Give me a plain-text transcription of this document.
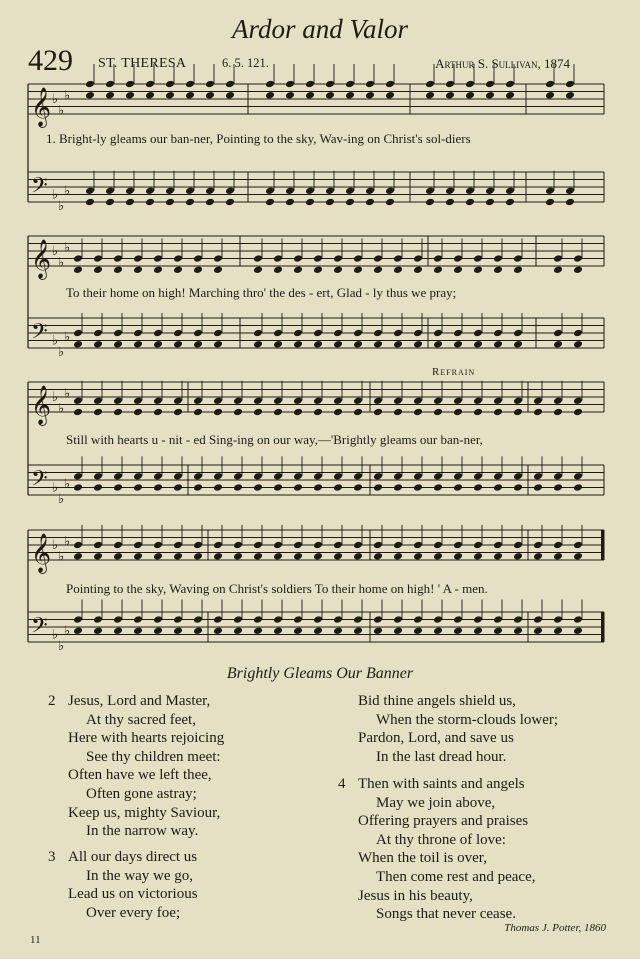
Ardor and Valor
429 ST. THERESA	6. 5. 121.	Arthur S. Sullivan, 1874
𝄞 ♭
♭
♭
𝄢 ♭
♭
♭
𝄞 ♭
♭
♭
𝄢 ♭
♭
♭
𝄞 ♭
♭
♭
𝄢 ♭
♭
♭
𝄞 ♭
♭
♭
𝄢 ♭
♭
♭
1. Bright-ly gleams our ban-ner, Pointing to the sky, Wav-ing on Christ's sol-diers
To their home on high! Marching thro' the des - ert, Glad - ly thus we pray;
Still with hearts u - nit - ed Sing-ing on our way,—'Brightly gleams our ban-ner,
Refrain
Pointing to the sky, Waving on Christ's soldiers To their home on high! ' A - men.
Brightly Gleams Our Banner
2 Jesus, Lord and Master,
At thy sacred feet,
Here with hearts rejoicing
See thy children meet:
Often have we left thee,
Often gone astray;
Keep us, mighty Saviour,
In the narrow way.
3 All our days direct us
In the way we go,
Lead us on victorious
Over every foe;
Bid thine angels shield us,
When the storm-clouds lower;
Pardon, Lord, and save us
In the last dread hour.
4 Then with saints and angels
May we join above,
Offering prayers and praises
At thy throne of love:
When the toil is over,
Then come rest and peace,
Jesus in his beauty,
Songs that never cease.
Thomas J. Potter, 1860
11
